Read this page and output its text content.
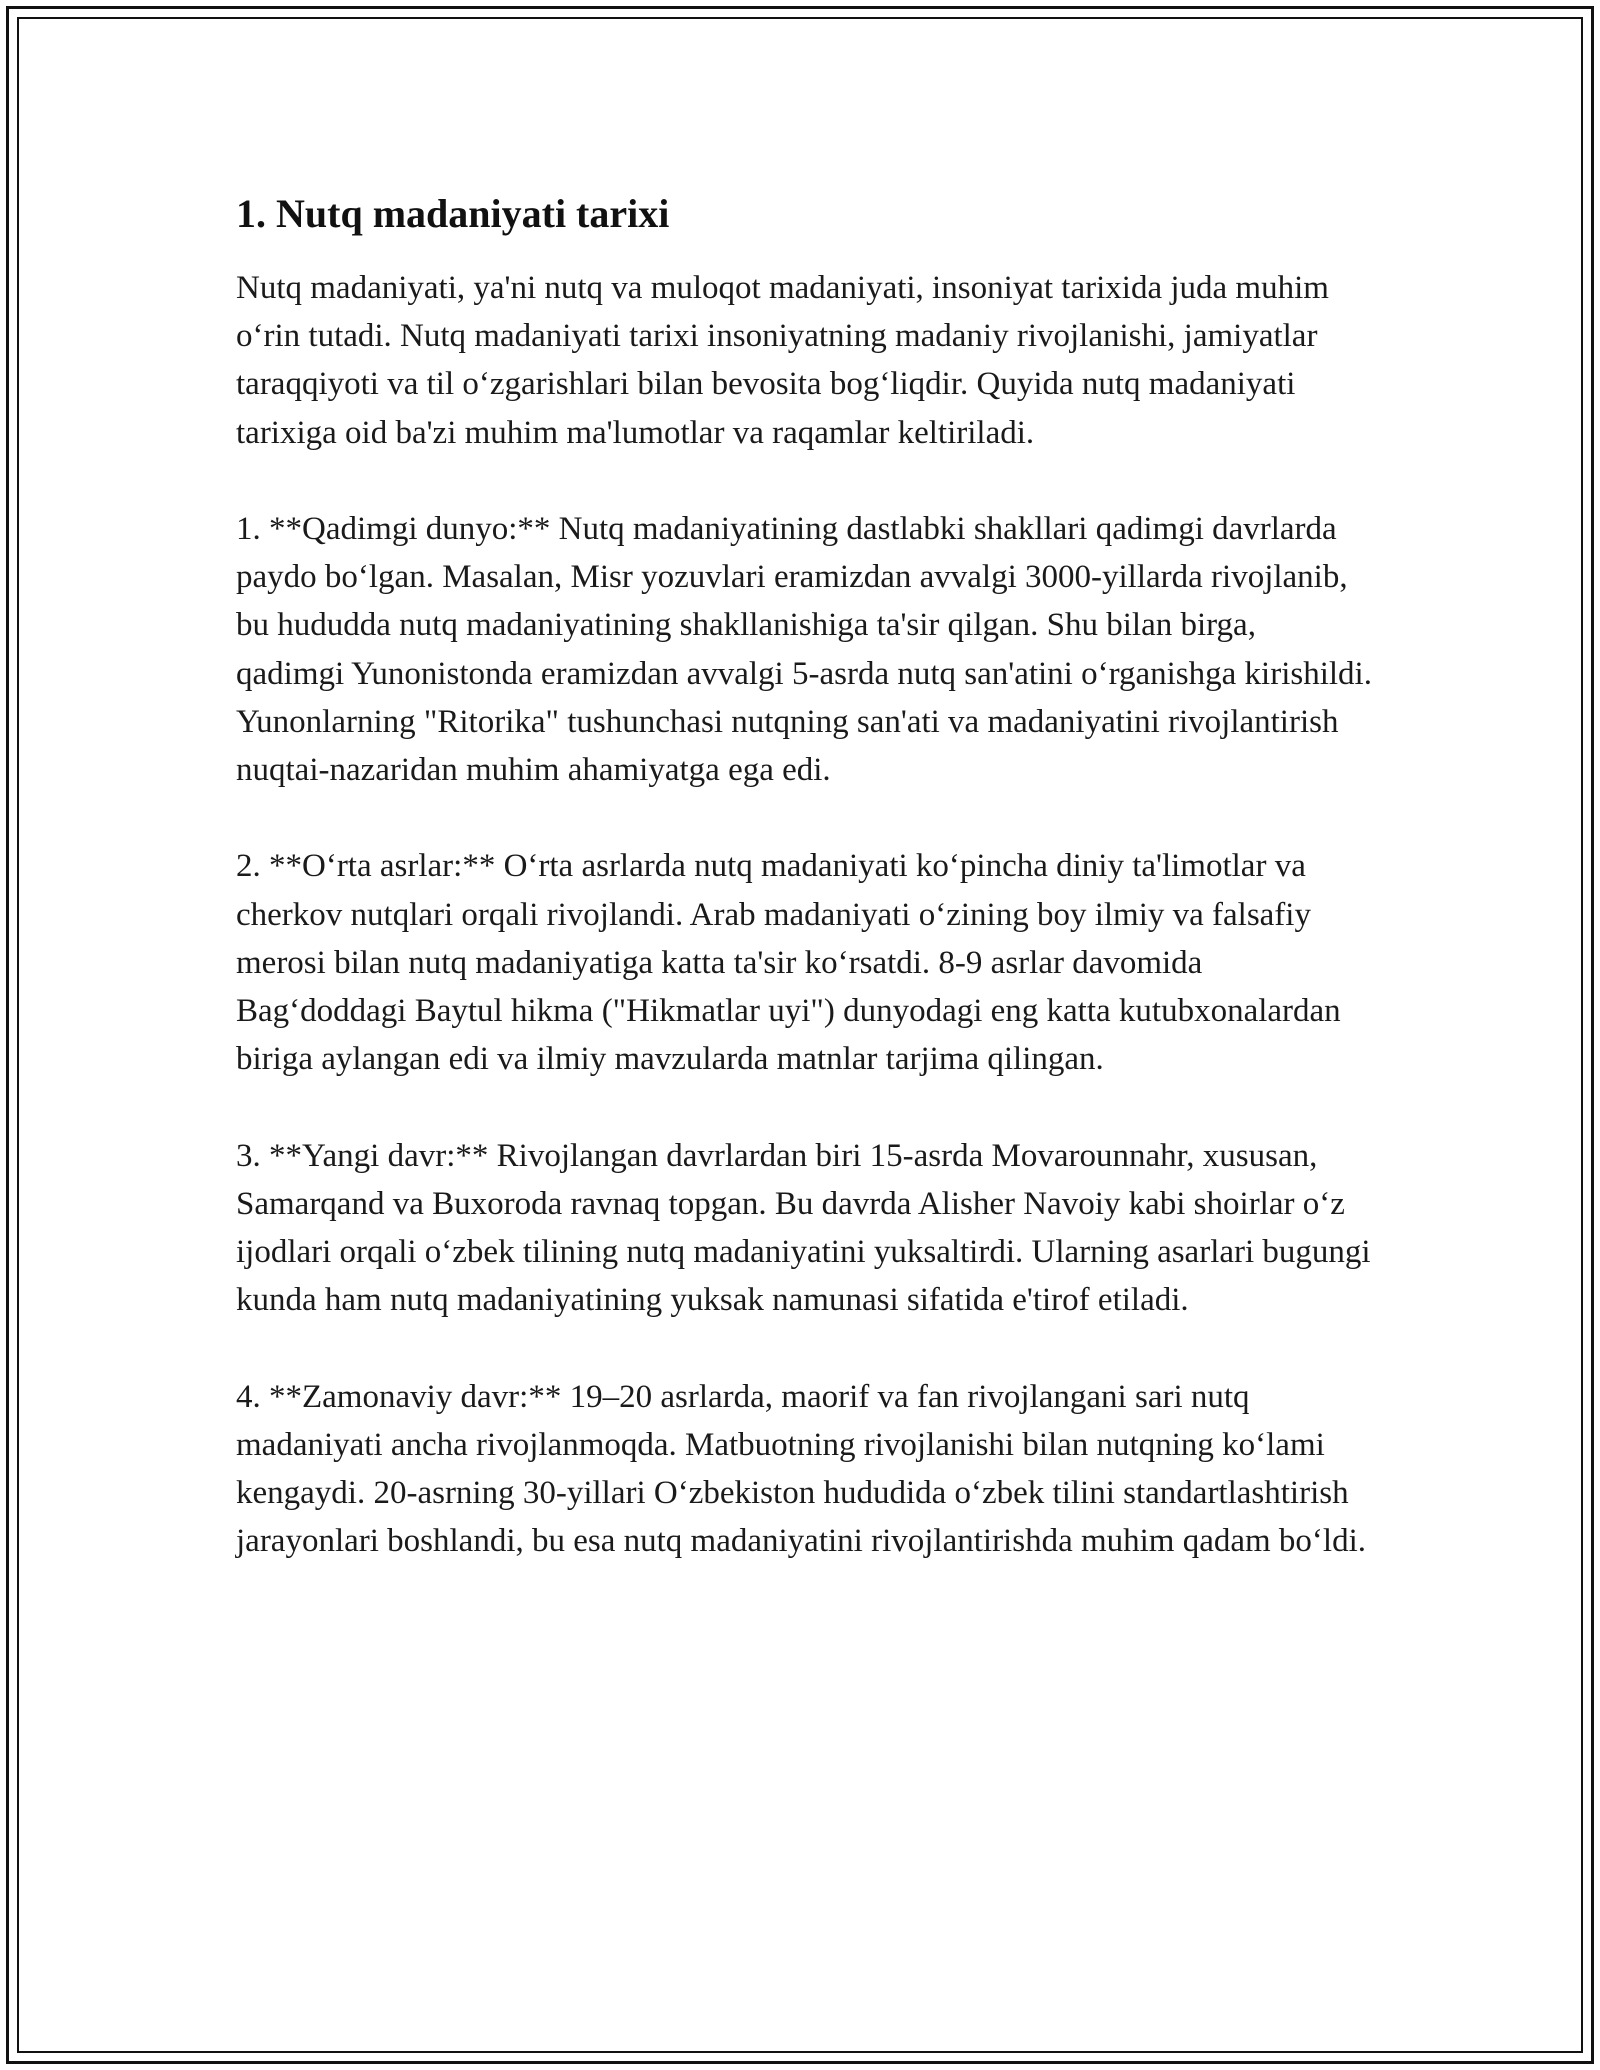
1. Nutq madaniyati tarixi

Nutq madaniyati, ya'ni nutq va muloqot madaniyati, insoniyat tarixida juda muhim o‘rin tutadi. Nutq madaniyati tarixi insoniyatning madaniy rivojlanishi, jamiyatlar taraqqiyoti va til o‘zgarishlari bilan bevosita bog‘liqdir. Quyida nutq madaniyati tarixiga oid ba'zi muhim ma'lumotlar va raqamlar keltiriladi.

1. **Qadimgi dunyo:** Nutq madaniyatining dastlabki shakllari qadimgi davrlarda paydo bo‘lgan. Masalan, Misr yozuvlari eramizdan avvalgi 3000-yillarda rivojlanib, bu hududda nutq madaniyatining shakllanishiga ta'sir qilgan. Shu bilan birga, qadimgi Yunonistonda eramizdan avvalgi 5-asrda nutq san'atini o‘rganishga kirishildi. Yunonlarning "Ritorika" tushunchasi nutqning san'ati va madaniyatini rivojlantirish nuqtai-nazaridan muhim ahamiyatga ega edi.

2. **O‘rta asrlar:** O‘rta asrlarda nutq madaniyati ko‘pincha diniy ta'limotlar va cherkov nutqlari orqali rivojlandi. Arab madaniyati o‘zining boy ilmiy va falsafiy merosi bilan nutq madaniyatiga katta ta'sir ko‘rsatdi. 8-9 asrlar davomida Bag‘doddagi Baytul hikma ("Hikmatlar uyi") dunyodagi eng katta kutubxonalardan biriga aylangan edi va ilmiy mavzularda matnlar tarjima qilingan.

3. **Yangi davr:** Rivojlangan davrlardan biri 15-asrda Movarounnahr, xususan, Samarqand va Buxoroda ravnaq topgan. Bu davrda Alisher Navoiy kabi shoirlar o‘z ijodlari orqali o‘zbek tilining nutq madaniyatini yuksaltirdi. Ularning asarlari bugungi kunda ham nutq madaniyatining yuksak namunasi sifatida e'tirof etiladi.

4. **Zamonaviy davr:** 19–20 asrlarda, maorif va fan rivojlangani sari nutq madaniyati ancha rivojlanmoqda. Matbuotning rivojlanishi bilan nutqning ko‘lami kengaydi. 20-asrning 30-yillari O‘zbekiston hududida o‘zbek tilini standartlashtirish jarayonlari boshlandi, bu esa nutq madaniyatini rivojlantirishda muhim qadam bo‘ldi.
